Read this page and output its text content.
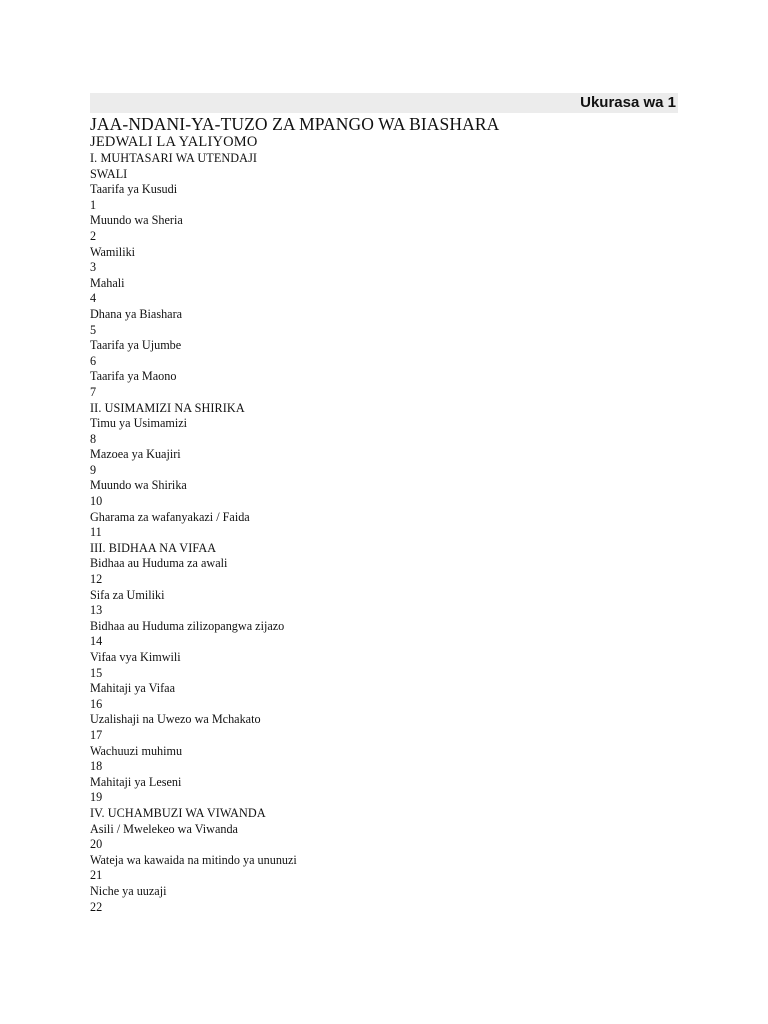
Ukurasa wa 1
JAA-NDANI-YA-TUZO ZA MPANGO WA BIASHARA
JEDWALI LA YALIYOMO
I. MUHTASARI WA UTENDAJI
SWALI
Taarifa ya Kusudi
1
Muundo wa Sheria
2
Wamiliki
3
Mahali
4
Dhana ya Biashara
5
Taarifa ya Ujumbe
6
Taarifa ya Maono
7
II. USIMAMIZI NA SHIRIKA
Timu ya Usimamizi
8
Mazoea ya Kuajiri
9
Muundo wa Shirika
10
Gharama za wafanyakazi / Faida
11
III. BIDHAA NA VIFAA
Bidhaa au Huduma za awali
12
Sifa za Umiliki
13
Bidhaa au Huduma zilizopangwa zijazo
14
Vifaa vya Kimwili
15
Mahitaji ya Vifaa
16
Uzalishaji na Uwezo wa Mchakato
17
Wachuuzi muhimu
18
Mahitaji ya Leseni
19
IV. UCHAMBUZI WA VIWANDA
Asili / Mwelekeo wa Viwanda
20
Wateja wa kawaida na mitindo ya ununuzi
21
Niche ya uuzaji
22
